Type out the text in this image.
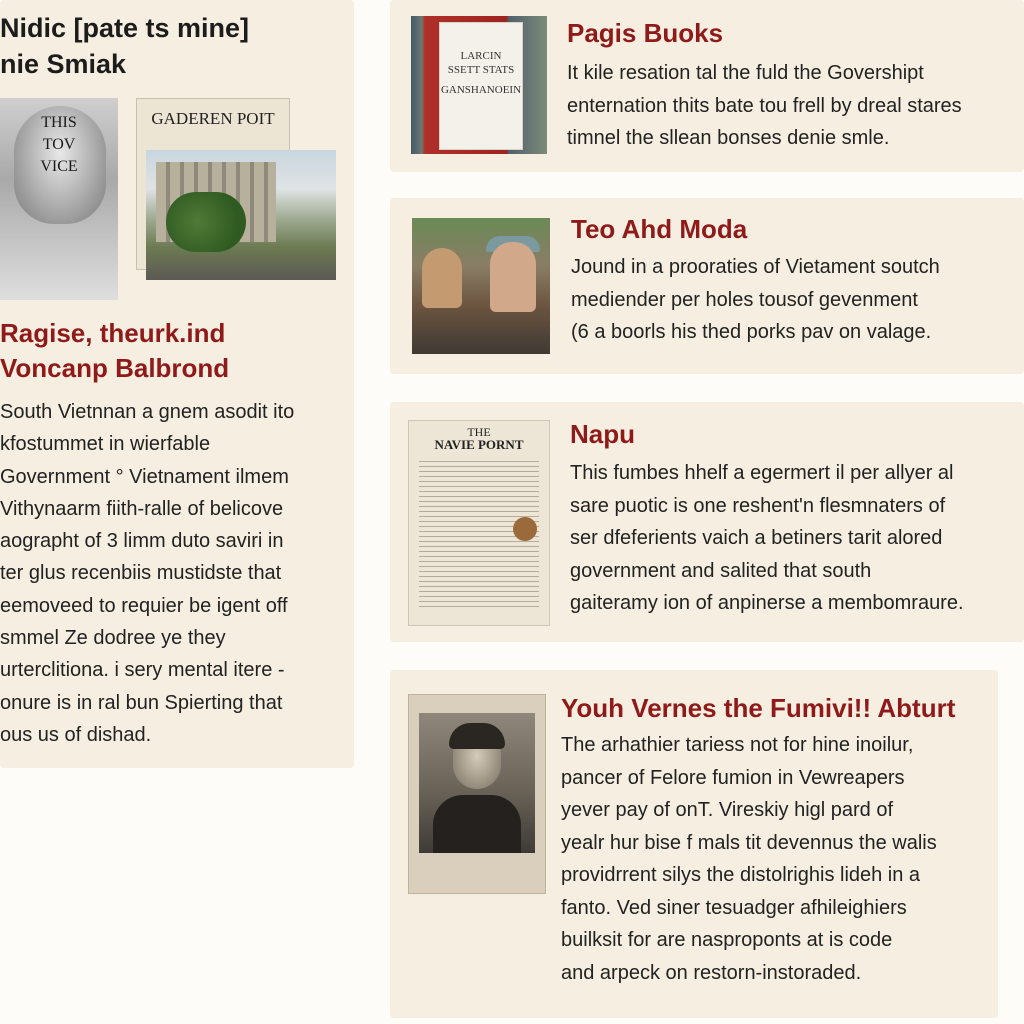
Nidic [pate ts mine]
nie Smiak
THIS
TOV
VICE
GADEREN POIT
Ragise, theurk.ind
Voncanp Balbrond
South Vietnnan a gnem asodit ito
kfostummet in wierfable
Government ° Vietnament ilmem
Vithynaarm fiith-ralle of belicove
aographt of 3 limm duto saviri in
ter glus recenbiis mustidste that
eemoveed to requier be igent off
smmel Ze dodree ye they
urterclitiona. i sery mental itere -
onure is in ral bun Spierting that
ous us of dishad.
LARCIN
SSETT STATS
GANSHANOEIN
Pagis Buoks
It kile resation tal the fuld the Govershipt
enternation thits bate tou frell by dreal stares
timnel the sllean bonses denie smle.
Teo Ahd Moda
Jound in a prooratiеs of Vietament soutch
mediеnder per holes tousof gevenment
(6 a boorls his thed porks pav on valage.
THE
NAVIE PORNT	Napu
This fumbes hhelf a egermert il per allyer al
sare puotic is one reshent'n flesmnaters of
ser dfeferients vaich a betiners tarit alored
government and salited that south
gaiteramy ion of anpinerse a membomraure.
Youh Vernes the Fumivi!! Abturt
The arhathier tariess not for hine inoilur,
pancer of Felore fumion in Vewreapers
yever pay of onT. Vireskiy higl pard of
yealr hur bise f mals tit devennus the walis
providrrent silys the distolrighis lideh in a
fanto. Ved siner tesuadger afhileighiers
builksit for are nasproponts at is code
and arpeck on restorn-instoraded.
